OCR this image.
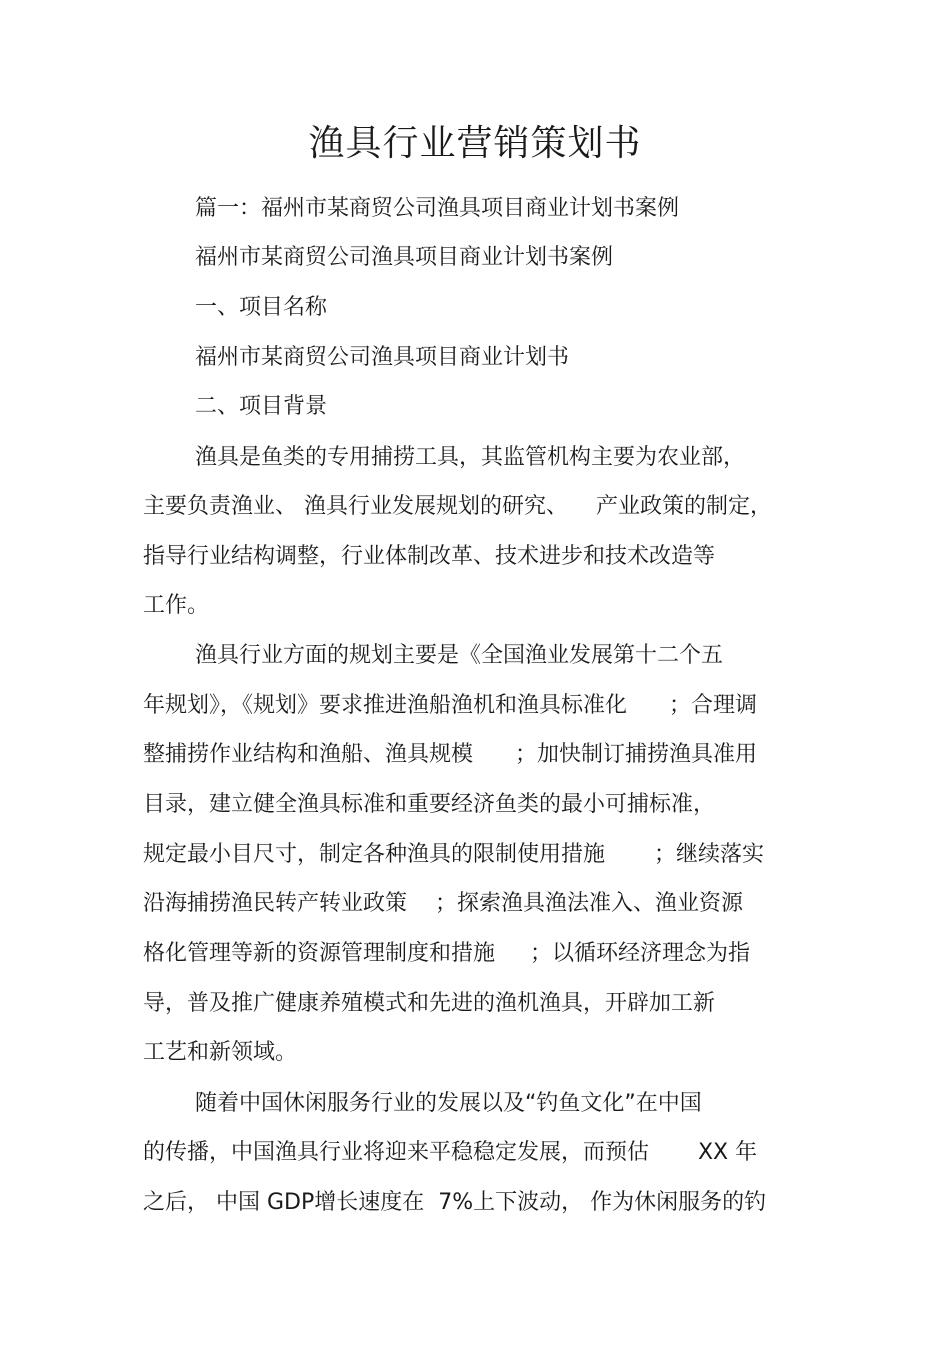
渔具行业营销策划书

篇一：福州市某商贸公司渔具项目商业计划书案例

福州市某商贸公司渔具项目商业计划书案例

一、项目名称

福州市某商贸公司渔具项目商业计划书

二、项目背景

渔具是鱼类的专用捕捞工具，其监管机构主要为农业部，

主要负责渔业、 渔具行业发展规划的研究、    产业政策的制定，

指导行业结构调整，行业体制改革、技术进步和技术改造等

工作。

渔具行业方面的规划主要是《全国渔业发展第十二个五

年规划》，《规划》要求推进渔船渔机和渔具标准化      ；合理调

整捕捞作业结构和渔船、渔具规模      ；加快制订捕捞渔具准用

目录，建立健全渔具标准和重要经济鱼类的最小可捕标准，

规定最小目尺寸，制定各种渔具的限制使用措施       ；继续落实

沿海捕捞渔民转产转业政策    ；探索渔具渔法准入、渔业资源

格化管理等新的资源管理制度和措施     ；以循环经济理念为指

导，普及推广健康养殖模式和先进的渔机渔具，开辟加工新

工艺和新领域。

随着中国休闲服务行业的发展以及“钓鱼文化”在中国

的传播，中国渔具行业将迎来平稳稳定发展，而预估       XX 年

之后， 中国 GDP增长速度在  7%上下波动， 作为休闲服务的钓
